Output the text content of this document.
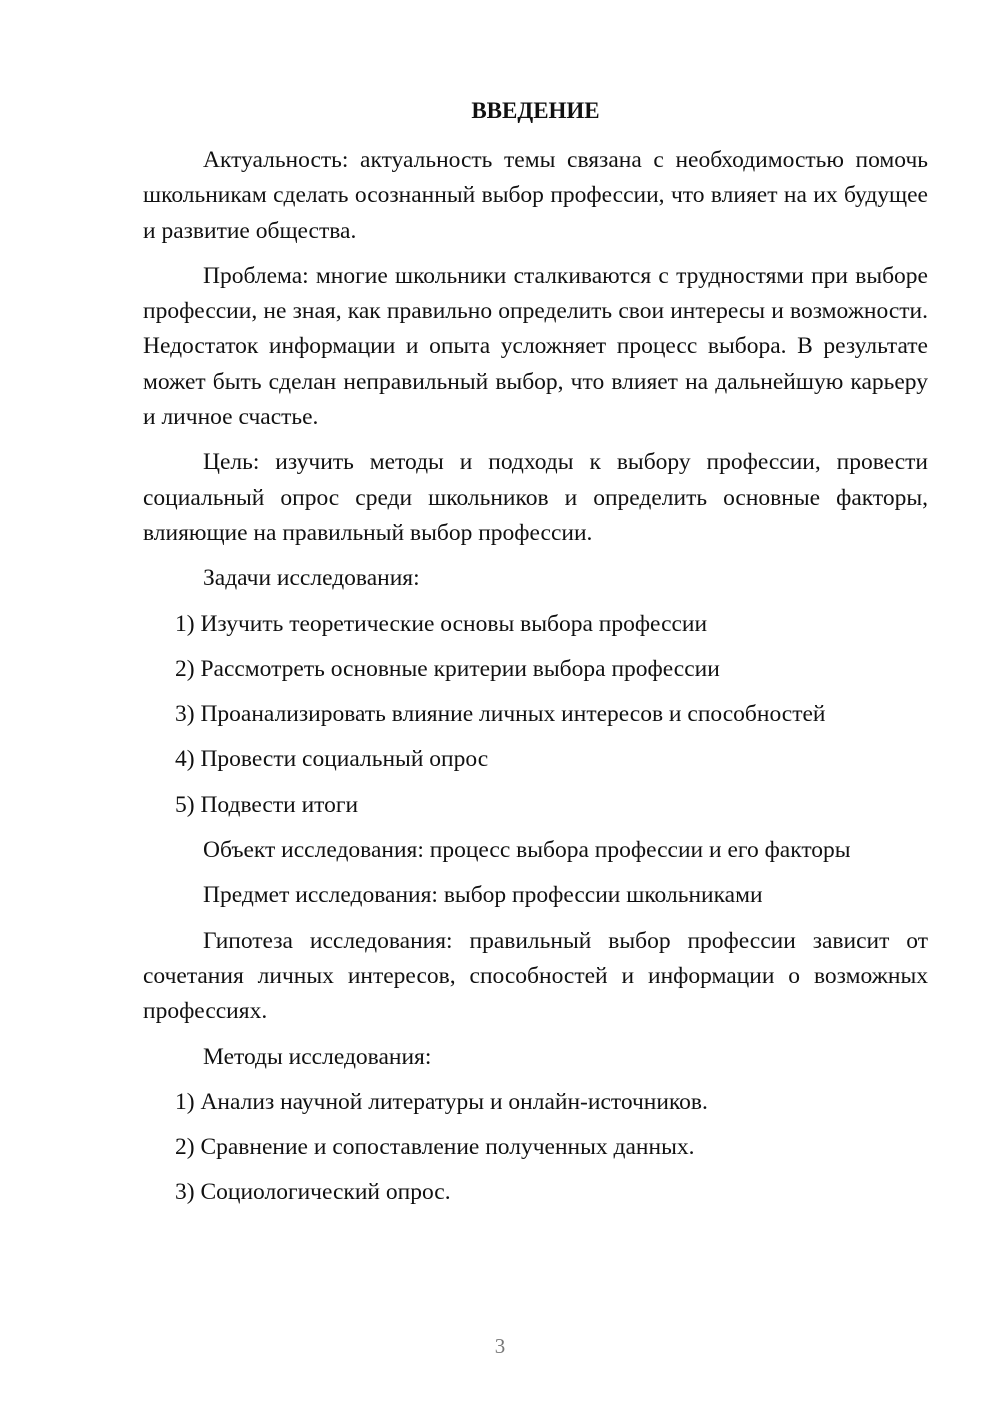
ВВЕДЕНИЕ

Актуальность: актуальность темы связана с необходимостью помочь школьникам сделать осознанный выбор профессии, что влияет на их будущее и развитие общества.

Проблема: многие школьники сталкиваются с трудностями при выборе профессии, не зная, как правильно определить свои интересы и возможности. Недостаток информации и опыта усложняет процесс выбора. В результате может быть сделан неправильный выбор, что влияет на дальнейшую карьеру и личное счастье.

Цель: изучить методы и подходы к выбору профессии, провести социальный опрос среди школьников и определить основные факторы, влияющие на правильный выбор профессии.

Задачи исследования:

1) Изучить теоретические основы выбора профессии

2) Рассмотреть основные критерии выбора профессии

3) Проанализировать влияние личных интересов и способностей

4) Провести социальный опрос

5) Подвести итоги

Объект исследования: процесс выбора профессии и его факторы

Предмет исследования: выбор профессии школьниками

Гипотеза исследования: правильный выбор профессии зависит от сочетания личных интересов, способностей и информации о возможных профессиях.

Методы исследования:

1) Анализ научной литературы и онлайн-источников.

2) Сравнение и сопоставление полученных данных.

3) Социологический опрос.

3
